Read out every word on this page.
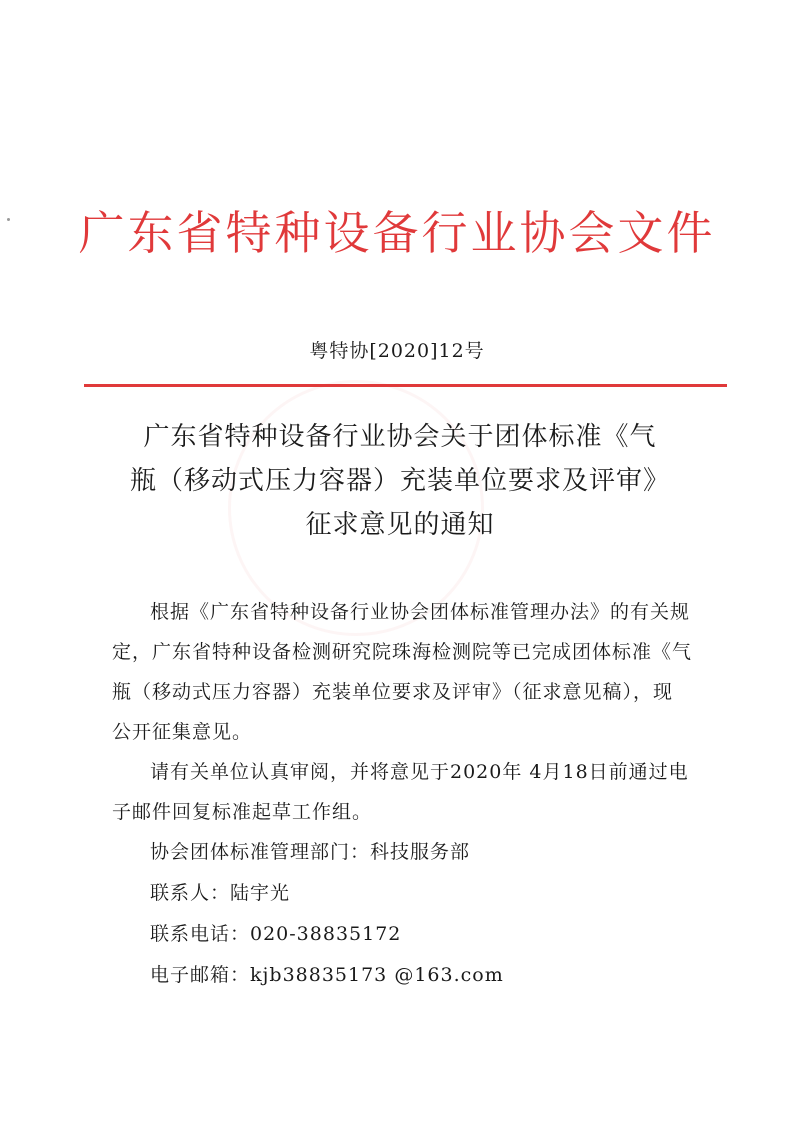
广东省特种设备行业协会文件
粤特协[2020]12号
广东省特种设备行业协会关于团体标准《气
瓶（移动式压力容器）充装单位要求及评审》
征求意见的通知

根据《广东省特种设备行业协会团体标准管理办法》的有关规定，广东省特种设备检测研究院珠海检测院等已完成团体标准《气瓶（移动式压力容器）充装单位要求及评审》（征求意见稿），现公开征集意见。

请有关单位认真审阅，并将意见于2020年 4月18日前通过电子邮件回复标准起草工作组。

协会团体标准管理部门：科技服务部

联系人：陆宇光

联系电话：020-38835172

电子邮箱：kjb38835173 @163.com
